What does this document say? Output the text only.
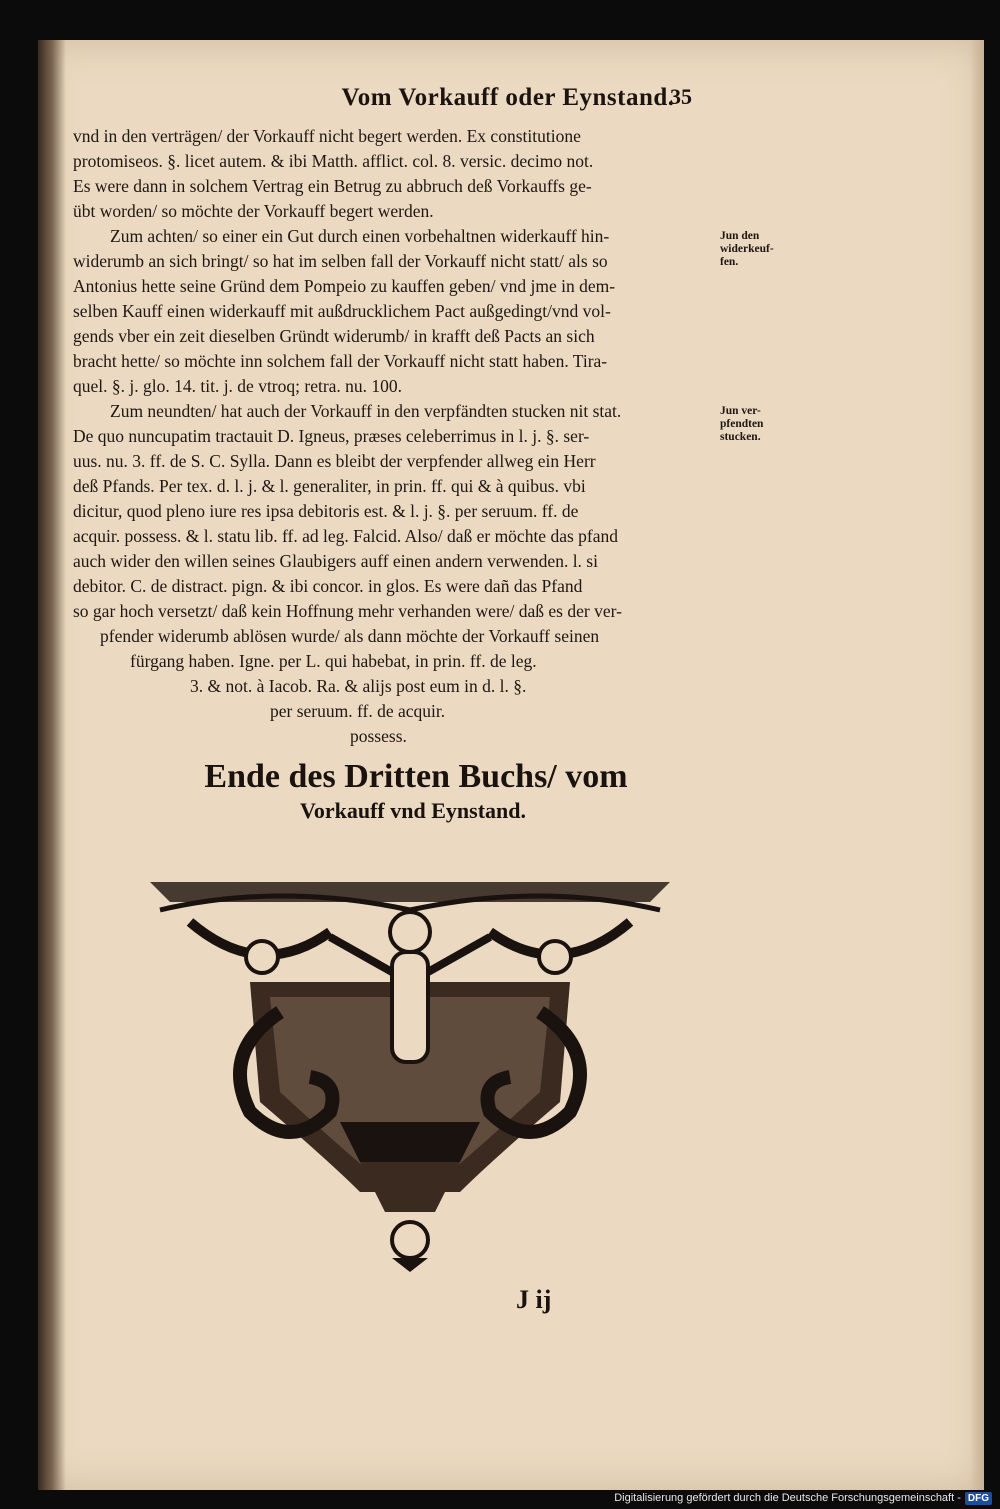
Vom Vorkauff oder Eynstand.
35
vnd in den verträgen/ der Vorkauff nicht begert werden. Ex constitutione
protomiseos. §. licet autem. & ibi Matth. afflict. col. 8. versic. decimo not.
Es were dann in solchem Vertrag ein Betrug zu abbruch deß Vorkauffs ge-
übt worden/ so möchte der Vorkauff begert werden.
Zum achten/ so einer ein Gut durch einen vorbehaltnen widerkauff hin-
widerumb an sich bringt/ so hat im selben fall der Vorkauff nicht statt/ als so
Antonius hette seine Gründ dem Pompeio zu kauffen geben/ vnd jme in dem-
selben Kauff einen widerkauff mit außdrucklichem Pact außgedingt/vnd vol-
gends vber ein zeit dieselben Gründt widerumb/ in krafft deß Pacts an sich
bracht hette/ so möchte inn solchem fall der Vorkauff nicht statt haben. Tira-
quel. §. j. glo. 14. tit. j. de vtroq; retra. nu. 100.
Zum neundten/ hat auch der Vorkauff in den verpfändten stucken nit stat.
De quo nuncupatim tractauit D. Igneus, præses celeberrimus in l. j. §. ser-
uus. nu. 3. ff. de S. C. Sylla. Dann es bleibt der verpfender allweg ein Herr
deß Pfands. Per tex. d. l. j. & l. generaliter, in prin. ff. qui & à quibus. vbi
dicitur, quod pleno iure res ipsa debitoris est. & l. j. §. per seruum. ff. de
acquir. possess. & l. statu lib. ff. ad leg. Falcid. Also/ daß er möchte das pfand
auch wider den willen seines Glaubigers auff einen andern verwenden. l. si
debitor. C. de distract. pign. & ibi concor. in glos. Es were dañ das Pfand
so gar hoch versetzt/ daß kein Hoffnung mehr verhanden were/ daß es der ver-
pfender widerumb ablösen wurde/ als dann möchte der Vorkauff seinen
fürgang haben. Igne. per L. qui habebat, in prin. ff. de leg.
3. & not. à Iacob. Ra. & alijs post eum in d. l. §.
per seruum. ff. de acquir.
possess.
Jun den
widerkeuf-
fen.
Jun ver-
pfendten
stucken.
Ende des Dritten Buchs/ vom
Vorkauff vnd Eynstand.
J ij
Digitalisierung gefördert durch die Deutsche Forschungsgemeinschaft - DFG
